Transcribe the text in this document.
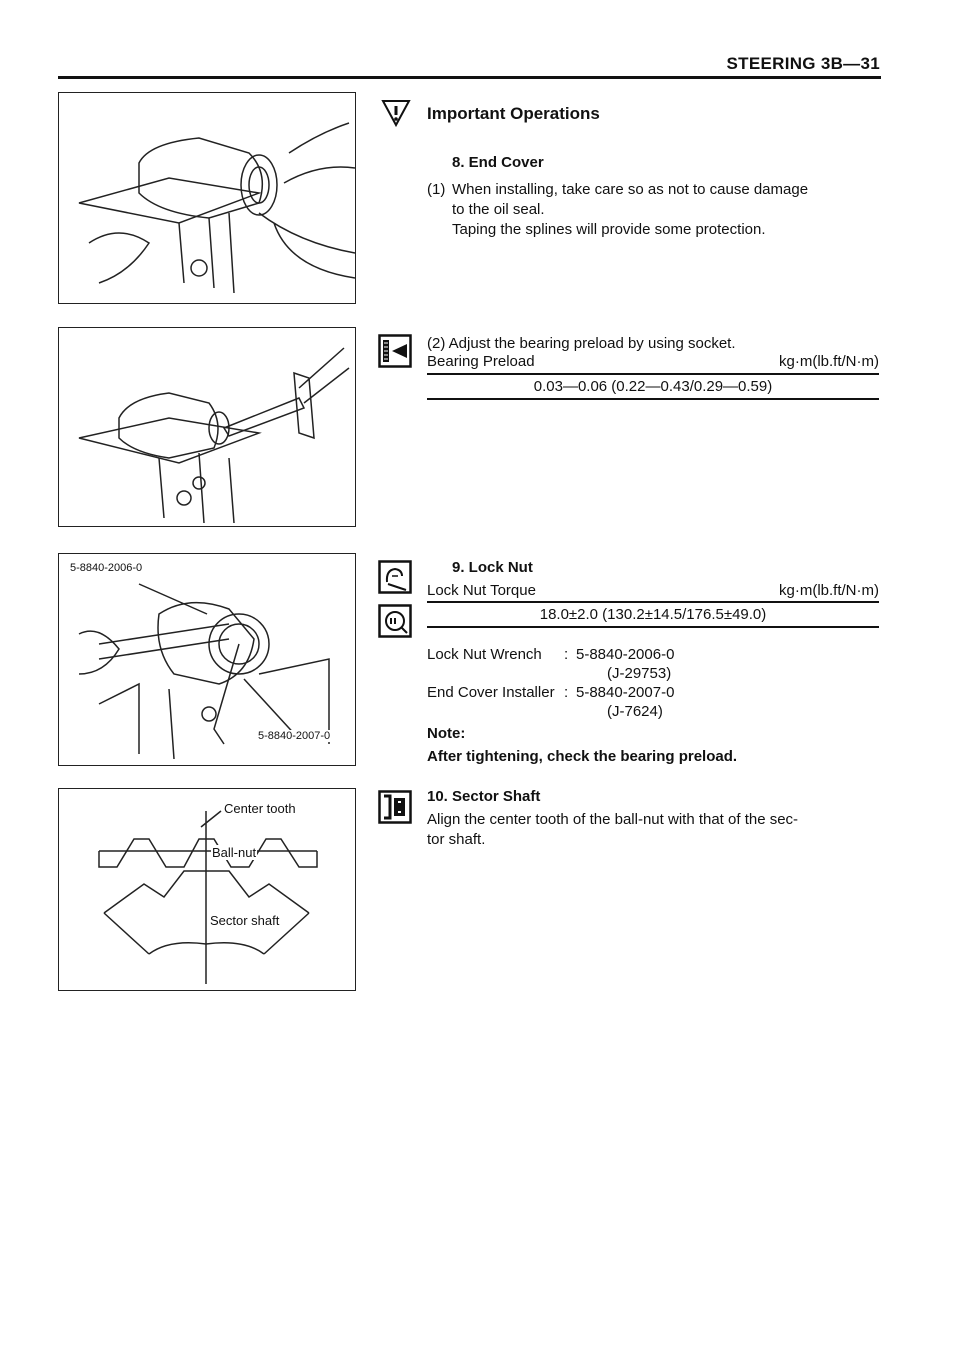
STEERING 3B—31
5-8840-2006-0
5-8840-2007-0
Center tooth
Ball-nut
Sector shaft
Important Operations
8. End Cover
(1) When installing, take care so as not to cause damage
to the oil seal.
Taping the splines will provide some protection.
(2) Adjust the bearing preload by using socket.
Bearing Preload	kg·m(lb.ft/N·m)
0.03—0.06 (0.22—0.43/0.29—0.59)
9. Lock Nut
Lock Nut Torque	kg·m(lb.ft/N·m)
18.0±2.0 (130.2±14.5/176.5±49.0)
Lock Nut Wrench : 5-8840-2006-0
(J-29753)
End Cover Installer : 5-8840-2007-0
(J-7624)
Note:
After tightening, check the bearing preload.
10. Sector Shaft
Align the center tooth of the ball-nut with that of the sec-
tor shaft.
